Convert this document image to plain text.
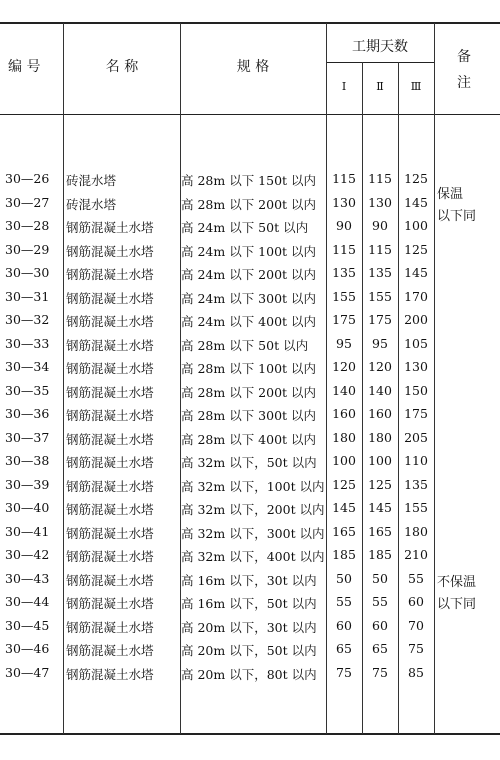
编 号	名 称	规 格
工期天数
Ⅰ	Ⅱ	Ⅲ
备
注
30—26	砖混水塔	高 28m 以下 150t 以内	115 115 125
30—27	砖混水塔	高 28m 以下 200t 以内	130 130 145
30—28	钢筋混凝土水塔	高 24m 以下 50t 以内	90	90	100
30—29	钢筋混凝土水塔	高 24m 以下 100t 以内	115 115 125
30—30	钢筋混凝土水塔	高 24m 以下 200t 以内	135 135 145
30—31	钢筋混凝土水塔	高 24m 以下 300t 以内	155 155 170
30—32	钢筋混凝土水塔	高 24m 以下 400t 以内	175 175 200
30—33	钢筋混凝土水塔	高 28m 以下 50t 以内	95	95	105
30—34	钢筋混凝土水塔	高 28m 以下 100t 以内	120 120 130
30—35	钢筋混凝土水塔	高 28m 以下 200t 以内	140 140 150
30—36	钢筋混凝土水塔	高 28m 以下 300t 以内	160 160 175
30—37	钢筋混凝土水塔	高 28m 以下 400t 以内	180 180 205
30—38	钢筋混凝土水塔	高 32m 以下，50t 以内	100 100 110
30—39	钢筋混凝土水塔	高 32m 以下，100t 以内 125 125 135
30—40	钢筋混凝土水塔	高 32m 以下，200t 以内 145 145 155
30—41	钢筋混凝土水塔	高 32m 以下，300t 以内 165 165 180
30—42	钢筋混凝土水塔	高 32m 以下，400t 以内 185 185 210
30—43	钢筋混凝土水塔	高 16m 以下，30t 以内	50	50	55
30—44	钢筋混凝土水塔	高 16m 以下，50t 以内	55	55	60
30—45	钢筋混凝土水塔	高 20m 以下，30t 以内	60	60	70
30—46	钢筋混凝土水塔	高 20m 以下，50t 以内	65	65	75
30—47	钢筋混凝土水塔	高 20m 以下，80t 以内	75	75	85
保温
以下同
不保温
以下同
